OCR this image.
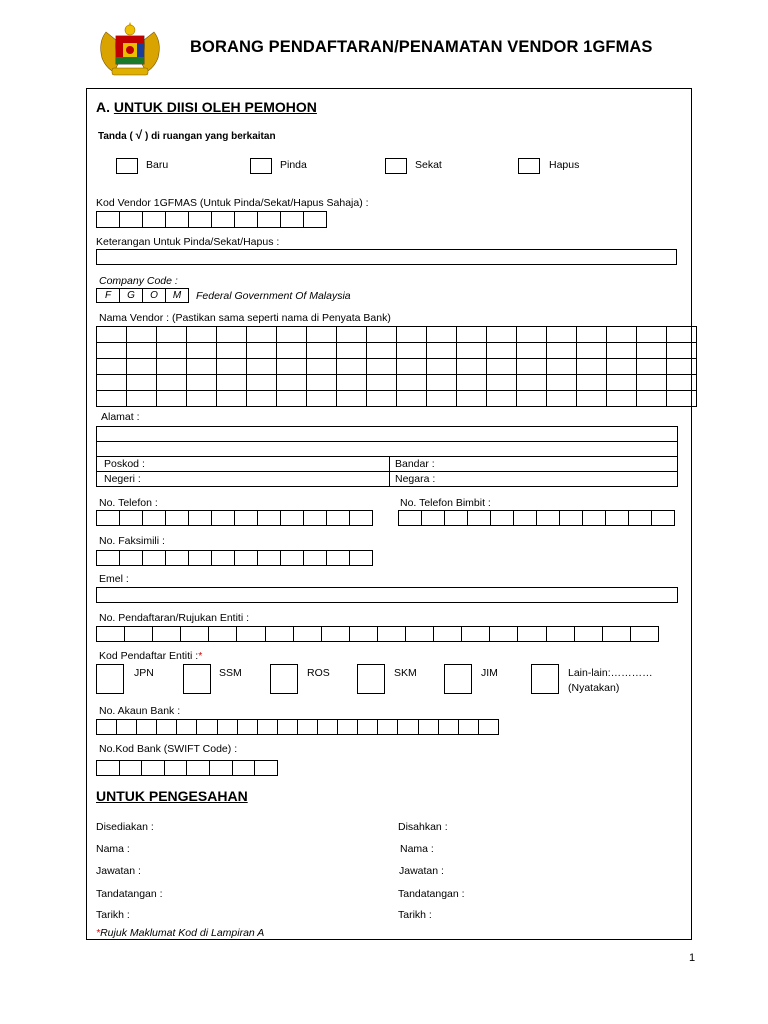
BORANG PENDAFTARAN/PENAMATAN VENDOR 1GFMAS
A. UNTUK DIISI OLEH PEMOHON
Tanda ( √ ) di ruangan yang berkaitan
Baru	Pinda	Sekat	Hapus
Kod Vendor 1GFMAS (Untuk Pinda/Sekat/Hapus Sahaja) :
Keterangan Untuk Pinda/Sekat/Hapus :
Company Code :
F	G	O	M	Federal Government Of Malaysia
Nama Vendor : (Pastikan sama seperti nama di Penyata Bank)

Alamat :
Poskod :	Bandar :
Negeri :	Negara :
No. Telefon :	No. Telefon Bimbit :
No. Faksimili :
Emel :
No. Pendaftaran/Rujukan Entiti :
Kod Pendaftar Entiti :*
JPN	SSM	ROS	SKM	JIM	Lain-lain:…………
(Nyatakan)
No. Akaun Bank :
No.Kod Bank (SWIFT Code) :
UNTUK PENGESAHAN
Disediakan :	Disahkan :
Nama :	Nama :
Jawatan :	Jawatan :
Tandatangan :	Tandatangan :
Tarikh :	Tarikh :
*Rujuk Maklumat Kod di Lampiran A
1
